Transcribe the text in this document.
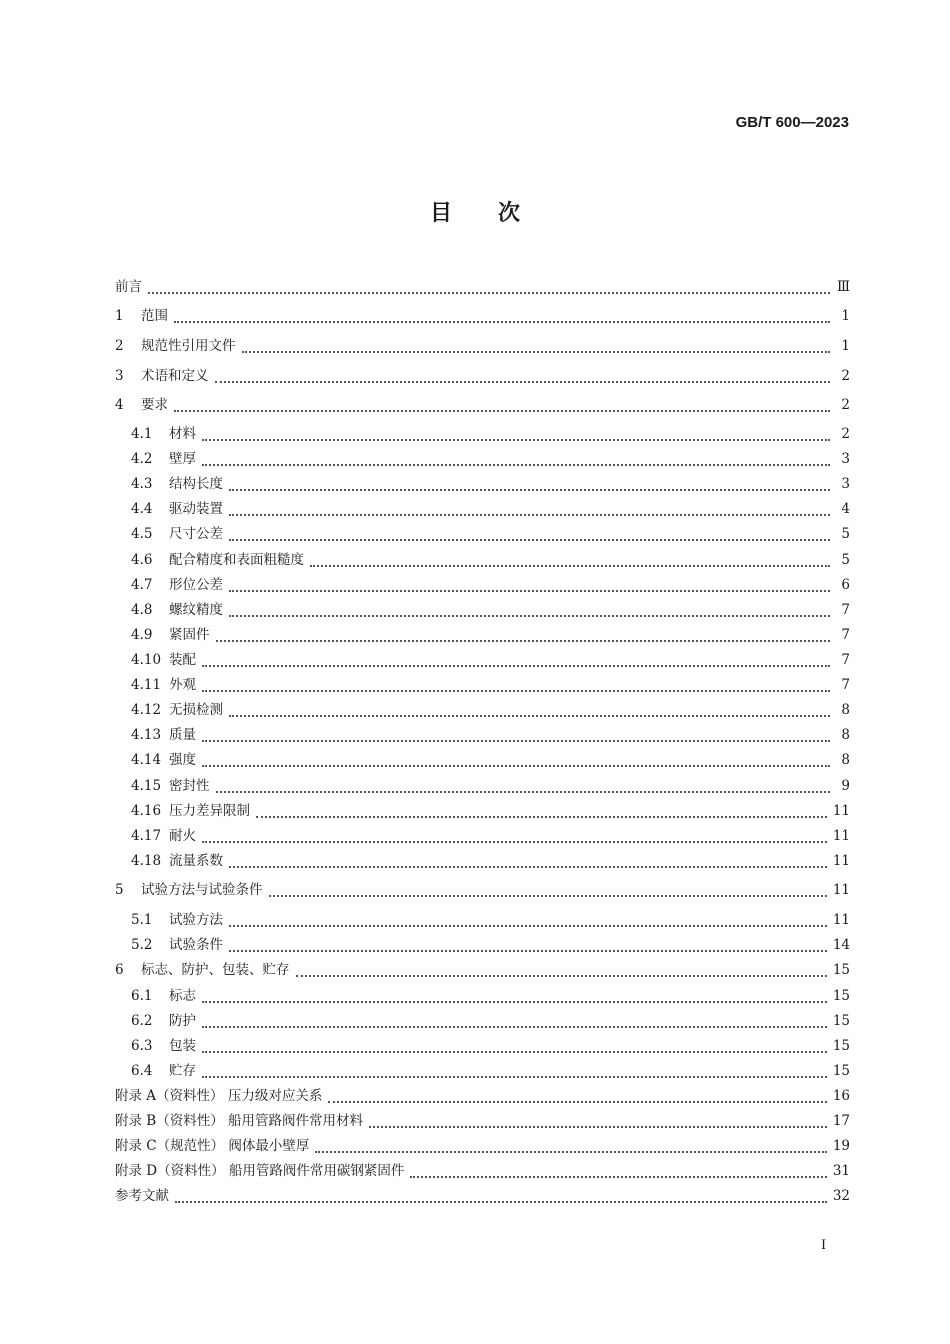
GB/T 600—2023
目次
前言	Ⅲ
1 范围	1
2 规范性引用文件	1
3 术语和定义	2
4 要求	2
4.1 材料	2
4.2 壁厚	3
4.3 结构长度	3
4.4 驱动装置	4
4.5 尺寸公差	5
4.6 配合精度和表面粗糙度	5
4.7 形位公差	6
4.8 螺纹精度	7
4.9 紧固件	7
4.10 装配	7
4.11 外观	7
4.12 无损检测	8
4.13 质量	8
4.14 强度	8
4.15 密封性	9
4.16 压力差异限制	11
4.17 耐火	11
4.18 流量系数	11
5 试验方法与试验条件	11
5.1 试验方法	11
5.2 试验条件	14
6 标志、防护、包装、贮存	15
6.1 标志	15
6.2 防护	15
6.3 包装	15
6.4 贮存	15
附录 A（资料性） 压力级对应关系	16
附录 B（资料性） 船用管路阀件常用材料	17
附录 C（规范性） 阀体最小壁厚	19
附录 D（资料性） 船用管路阀件常用碳钢紧固件	31
参考文献	32
Ⅰ
